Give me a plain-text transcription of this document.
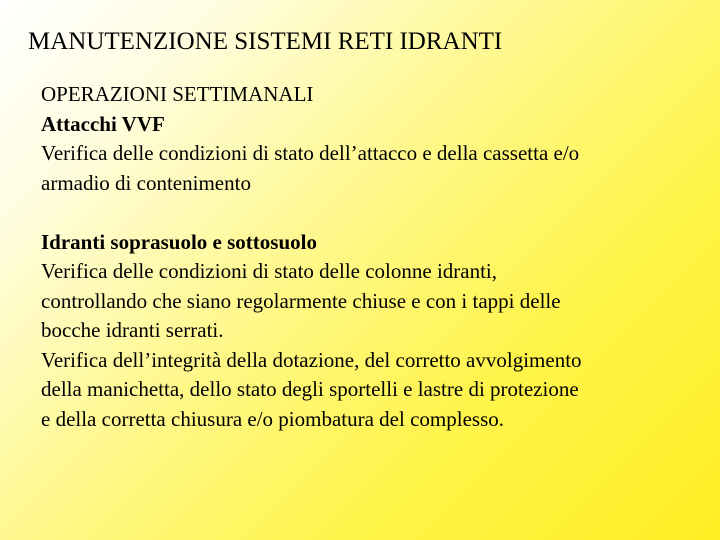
MANUTENZIONE SISTEMI RETI IDRANTI
OPERAZIONI SETTIMANALI
Attacchi VVF
Verifica delle condizioni di stato dell’attacco e della cassetta e/o
armadio di contenimento
Idranti soprasuolo e sottosuolo
Verifica delle condizioni di stato delle colonne idranti,
controllando che siano regolarmente chiuse e con i tappi delle
bocche idranti serrati.
Verifica dell’integrità della dotazione, del corretto avvolgimento
della manichetta, dello stato degli sportelli e lastre di protezione
e della corretta chiusura e/o piombatura del complesso.
